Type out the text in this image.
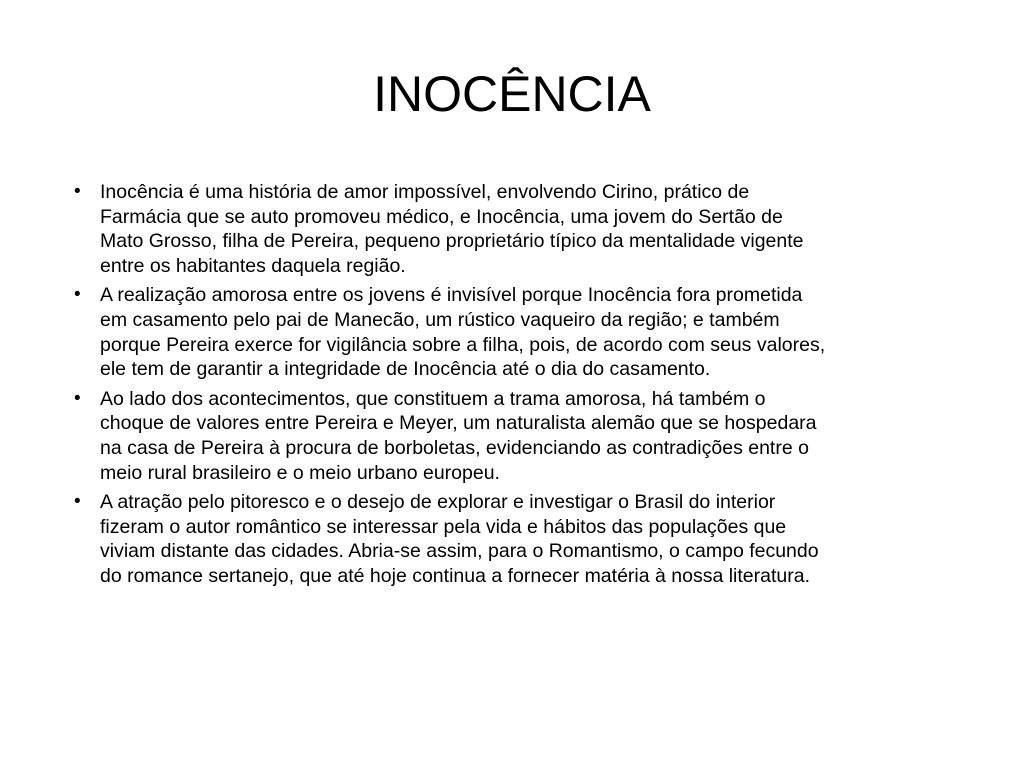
INOCÊNCIA
• Inocência é uma história de amor impossível, envolvendo Cirino, prático de
Farmácia que se auto promoveu médico, e Inocência, uma jovem do Sertão de
Mato Grosso, filha de Pereira, pequeno proprietário típico da mentalidade vigente
entre os habitantes daquela região.
• A realização amorosa entre os jovens é invisível porque Inocência fora prometida
em casamento pelo pai de Manecão, um rústico vaqueiro da região; e também
porque Pereira exerce for vigilância sobre a filha, pois, de acordo com seus valores,
ele tem de garantir a integridade de Inocência até o dia do casamento.
• Ao lado dos acontecimentos, que constituem a trama amorosa, há também o
choque de valores entre Pereira e Meyer, um naturalista alemão que se hospedara
na casa de Pereira à procura de borboletas, evidenciando as contradições entre o
meio rural brasileiro e o meio urbano europeu.
• A atração pelo pitoresco e o desejo de explorar e investigar o Brasil do interior
fizeram o autor romântico se interessar pela vida e hábitos das populações que
viviam distante das cidades. Abria-se assim, para o Romantismo, o campo fecundo
do romance sertanejo, que até hoje continua a fornecer matéria à nossa literatura.
